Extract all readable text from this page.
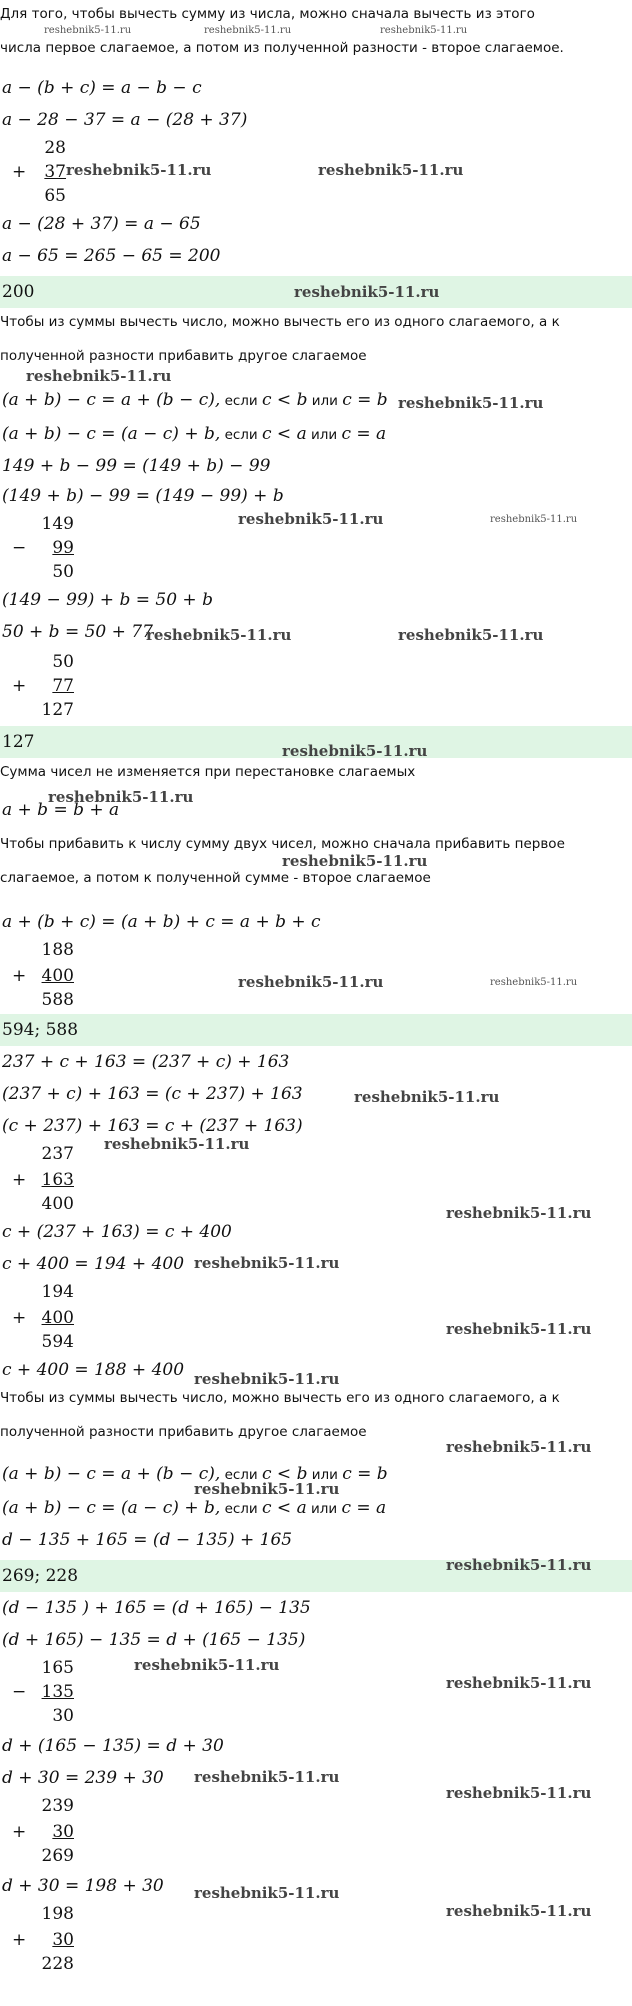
Для того, чтобы вычесть сумму из числа, можно сначала вычесть из этого
числа первое слагаемое, а потом из полученной разности - второе слагаемое.
a − (b + c) = a − b − c
a − 28 − 37 = a − (28 + 37)
28
+	37
65
a − (28 + 37) = a − 65
a − 65 = 265 − 65 = 200
200
Чтобы из суммы вычесть число, можно вычесть его из одного слагаемого, а к
полученной разности прибавить другое слагаемое
(a + b) − c = a + (b − c), если c < b или c = b
(a + b) − c = (a − c) + b, если c < a или c = a
149 + b − 99 = (149 + b) − 99
(149 + b) − 99 = (149 − 99) + b
149
−	99
50
(149 − 99) + b = 50 + b
50 + b = 50 + 77
50
+	77
127
127
Сумма чисел не изменяется при перестановке слагаемых
a + b = b + a
Чтобы прибавить к числу сумму двух чисел, можно сначала прибавить первое
слагаемое, а потом к полученной сумме - второе слагаемое
a + (b + c) = (a + b) + c = a + b + c
188
+ 400
588
594; 588
237 + c + 163 = (237 + c) + 163
(237 + c) + 163 = (c + 237) + 163
(c + 237) + 163 = c + (237 + 163)
237
+ 163
400
c + (237 + 163) = c + 400
c + 400 = 194 + 400
194
+ 400
594
c + 400 = 188 + 400
Чтобы из суммы вычесть число, можно вычесть его из одного слагаемого, а к
полученной разности прибавить другое слагаемое
(a + b) − c = a + (b − c), если c < b или c = b
(a + b) − c = (a − c) + b, если c < a или c = a
d − 135 + 165 = (d − 135) + 165
269; 228
(d − 135 ) + 165 = (d + 165) − 135
(d + 165) − 135 = d + (165 − 135)
165
− 135
30
d + (165 − 135) = d + 30
d + 30 = 239 + 30
239
+	30
269
d + 30 = 198 + 30
198
+	30
228
reshebnik5-11.ru	reshebnik5-11.ru	reshebnik5-11.ru
reshebnik5-11.ru	reshebnik5-11.ru
reshebnik5-11.ru
reshebnik5-11.ru
reshebnik5-11.ru
reshebnik5-11.ru	reshebnik5-11.ru
reshebnik5-11.ru	reshebnik5-11.ru
reshebnik5-11.ru
reshebnik5-11.ru
reshebnik5-11.ru
reshebnik5-11.ru	reshebnik5-11.ru
reshebnik5-11.ru
reshebnik5-11.ru
reshebnik5-11.ru
reshebnik5-11.ru
reshebnik5-11.ru
reshebnik5-11.ru
reshebnik5-11.ru
reshebnik5-11.ru
reshebnik5-11.ru
reshebnik5-11.ru
reshebnik5-11.ru
reshebnik5-11.ru
reshebnik5-11.ru
reshebnik5-11.ru
reshebnik5-11.ru
